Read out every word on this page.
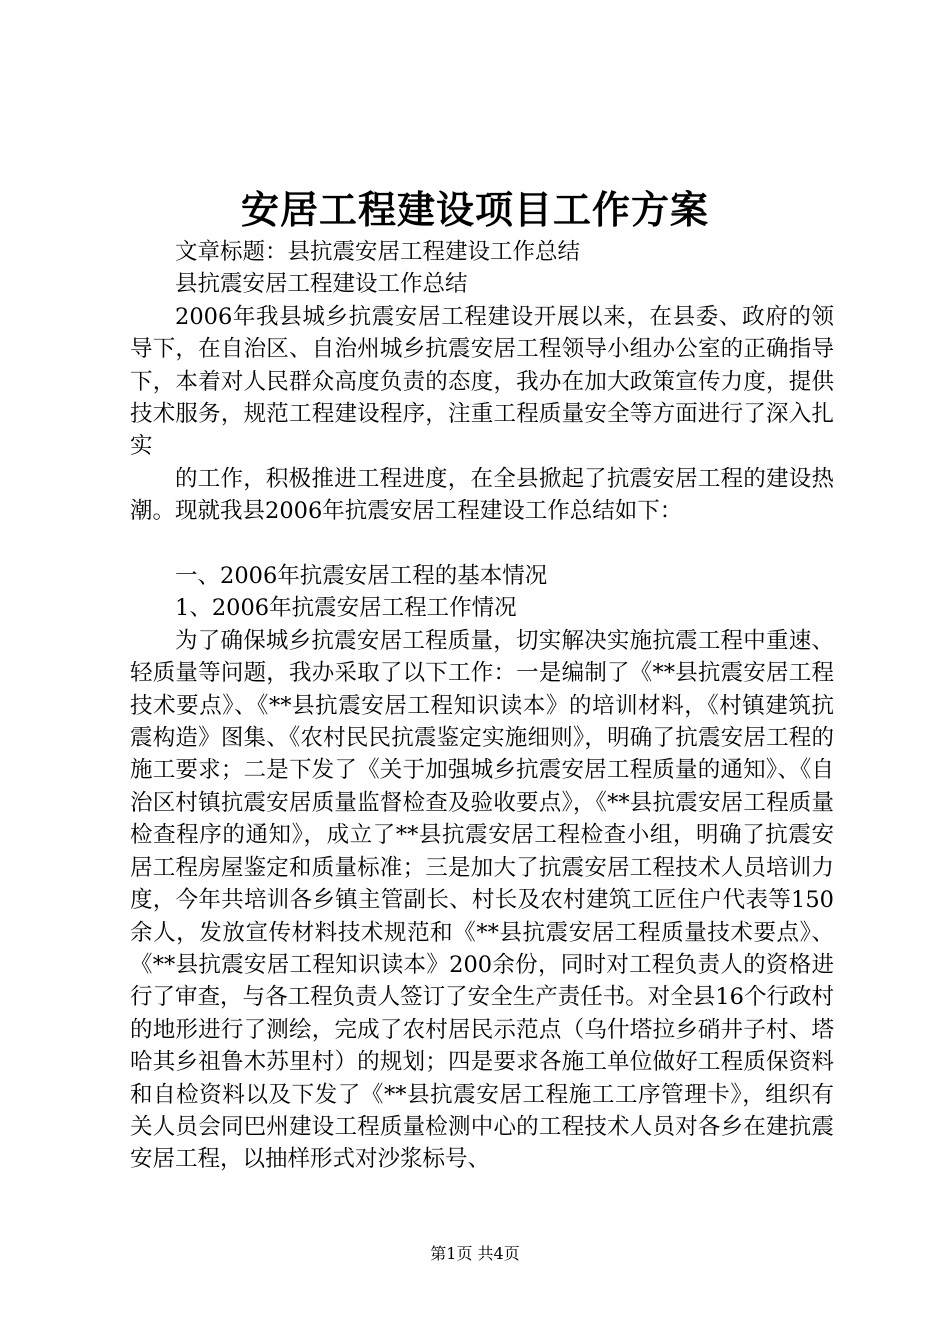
安居工程建设项目工作方案

文章标题：县抗震安居工程建设工作总结

县抗震安居工程建设工作总结

2006年我县城乡抗震安居工程建设开展以来，在县委、政府的领导下，在自治区、自治州城乡抗震安居工程领导小组办公室的正确指导下，本着对人民群众高度负责的态度，我办在加大政策宣传力度，提供技术服务，规范工程建设程序，注重工程质量安全等方面进行了深入扎实

的工作，积极推进工程进度，在全县掀起了抗震安居工程的建设热潮。现就我县2006年抗震安居工程建设工作总结如下：

一、2006年抗震安居工程的基本情况

1、2006年抗震安居工程工作情况

为了确保城乡抗震安居工程质量，切实解决实施抗震工程中重速、轻质量等问题，我办采取了以下工作：一是编制了《**县抗震安居工程技术要点》、《**县抗震安居工程知识读本》的培训材料，《村镇建筑抗震构造》图集、《农村民民抗震鉴定实施细则》，明确了抗震安居工程的施工要求；二是下发了《关于加强城乡抗震安居工程质量的通知》、《自治区村镇抗震安居质量监督检查及验收要点》，《**县抗震安居工程质量检查程序的通知》，成立了**县抗震安居工程检查小组，明确了抗震安居工程房屋鉴定和质量标准；三是加大了抗震安居工程技术人员培训力度，今年共培训各乡镇主管副长、村长及农村建筑工匠住户代表等150余人，发放宣传材料技术规范和《**县抗震安居工程质量技术要点》、《**县抗震安居工程知识读本》200余份，同时对工程负责人的资格进行了审查，与各工程负责人签订了安全生产责任书。对全县16个行政村的地形进行了测绘，完成了农村居民示范点（乌什塔拉乡硝井子村、塔哈其乡祖鲁木苏里村）的规划；四是要求各施工单位做好工程质保资料和自检资料以及下发了《**县抗震安居工程施工工序管理卡》，组织有关人员会同巴州建设工程质量检测中心的工程技术人员对各乡在建抗震安居工程，以抽样形式对沙浆标号、

第1页 共4页
